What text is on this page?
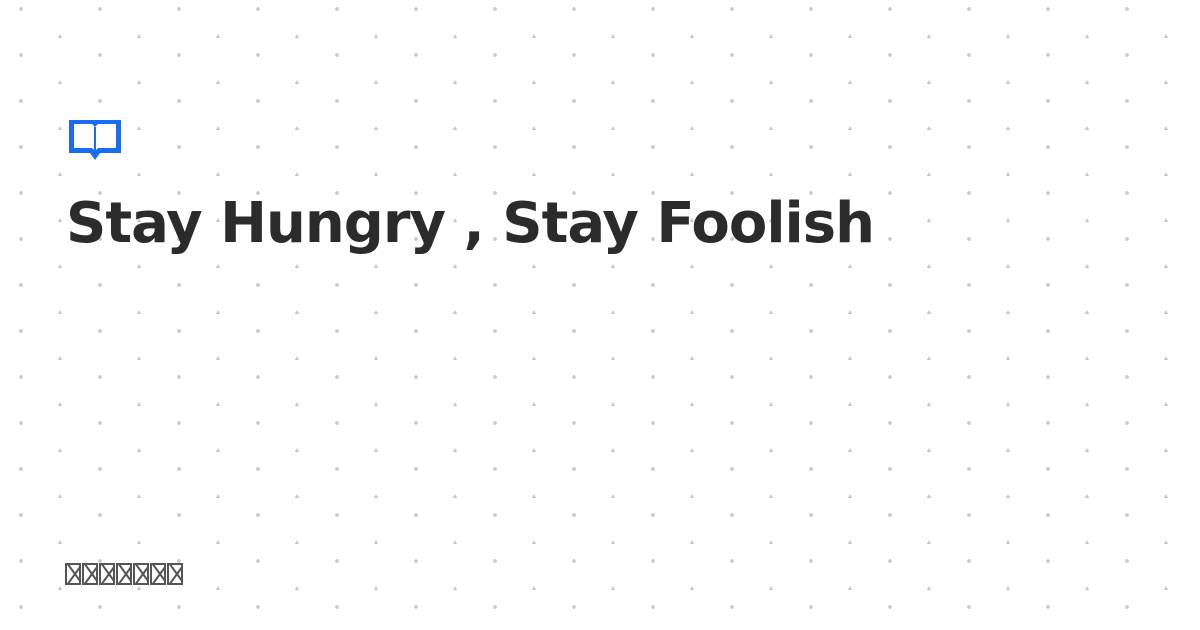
Stay Hungry , Stay Foolish
